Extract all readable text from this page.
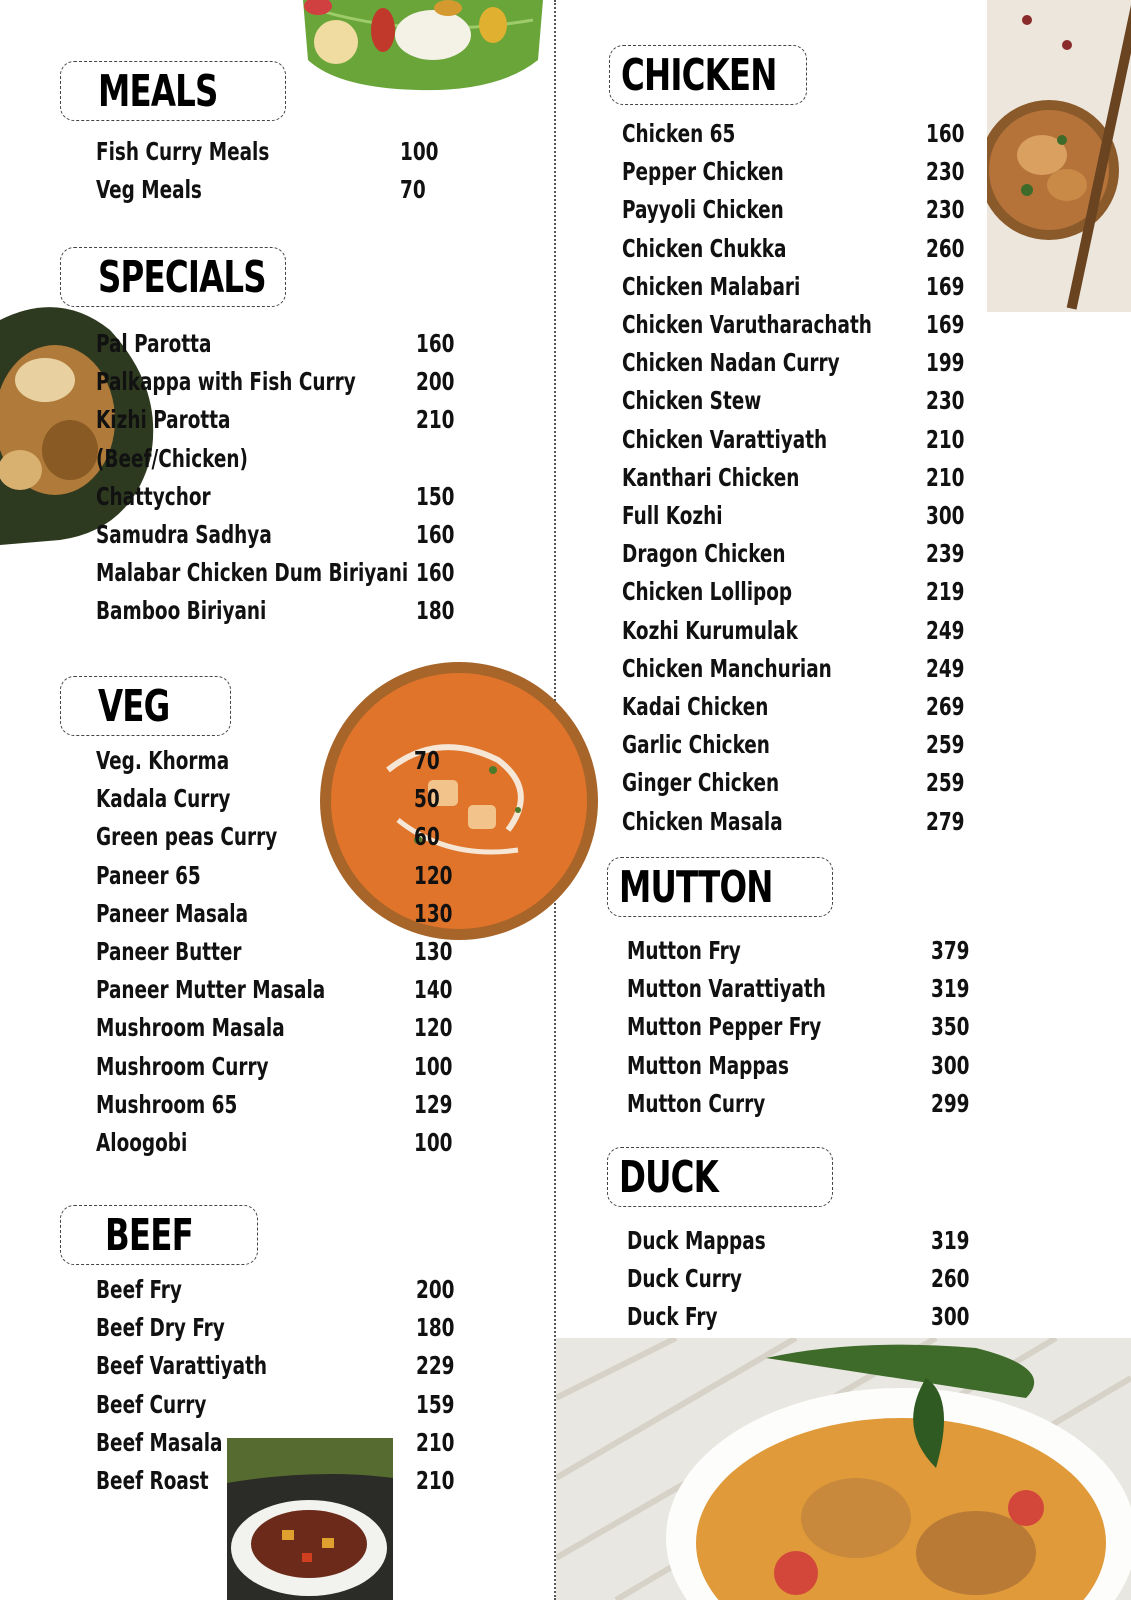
MEALS
SPECIALS
VEG
BEEF
CHICKEN
MUTTON
DUCK
Fish Curry Meals	100
Veg Meals	70
Pal Parotta	160
Palkappa with Fish Curry 200
Kizhi Parotta	210
(Beef/Chicken)
Chattychor	150
Samudra Sadhya	160
Malabar Chicken Dum Biriyani 160
Bamboo Biriyani	180
Veg. Khorma	70
Kadala Curry	50
Green peas Curry	60
Paneer 65	120
Paneer Masala	130
Paneer Butter	130
Paneer Mutter Masala	140
Mushroom Masala	120
Mushroom Curry	100
Mushroom 65	129
Aloogobi	100
Beef Fry	200
Beef Dry Fry	180
Beef Varattiyath	229
Beef Curry	159
Beef Masala	210
Beef Roast	210
Chicken 65	160
Pepper Chicken	230
Payyoli Chicken	230
Chicken Chukka	260
Chicken Malabari	169
Chicken Varutharachath 169
Chicken Nadan Curry	199
Chicken Stew	230
Chicken Varattiyath	210
Kanthari Chicken	210
Full Kozhi	300
Dragon Chicken	239
Chicken Lollipop	219
Kozhi Kurumulak	249
Chicken Manchurian	249
Kadai Chicken	269
Garlic Chicken	259
Ginger Chicken	259
Chicken Masala	279
Mutton Fry	379
Mutton Varattiyath	319
Mutton Pepper Fry	350
Mutton Mappas	300
Mutton Curry	299
Duck Mappas	319
Duck Curry	260
Duck Fry	300
